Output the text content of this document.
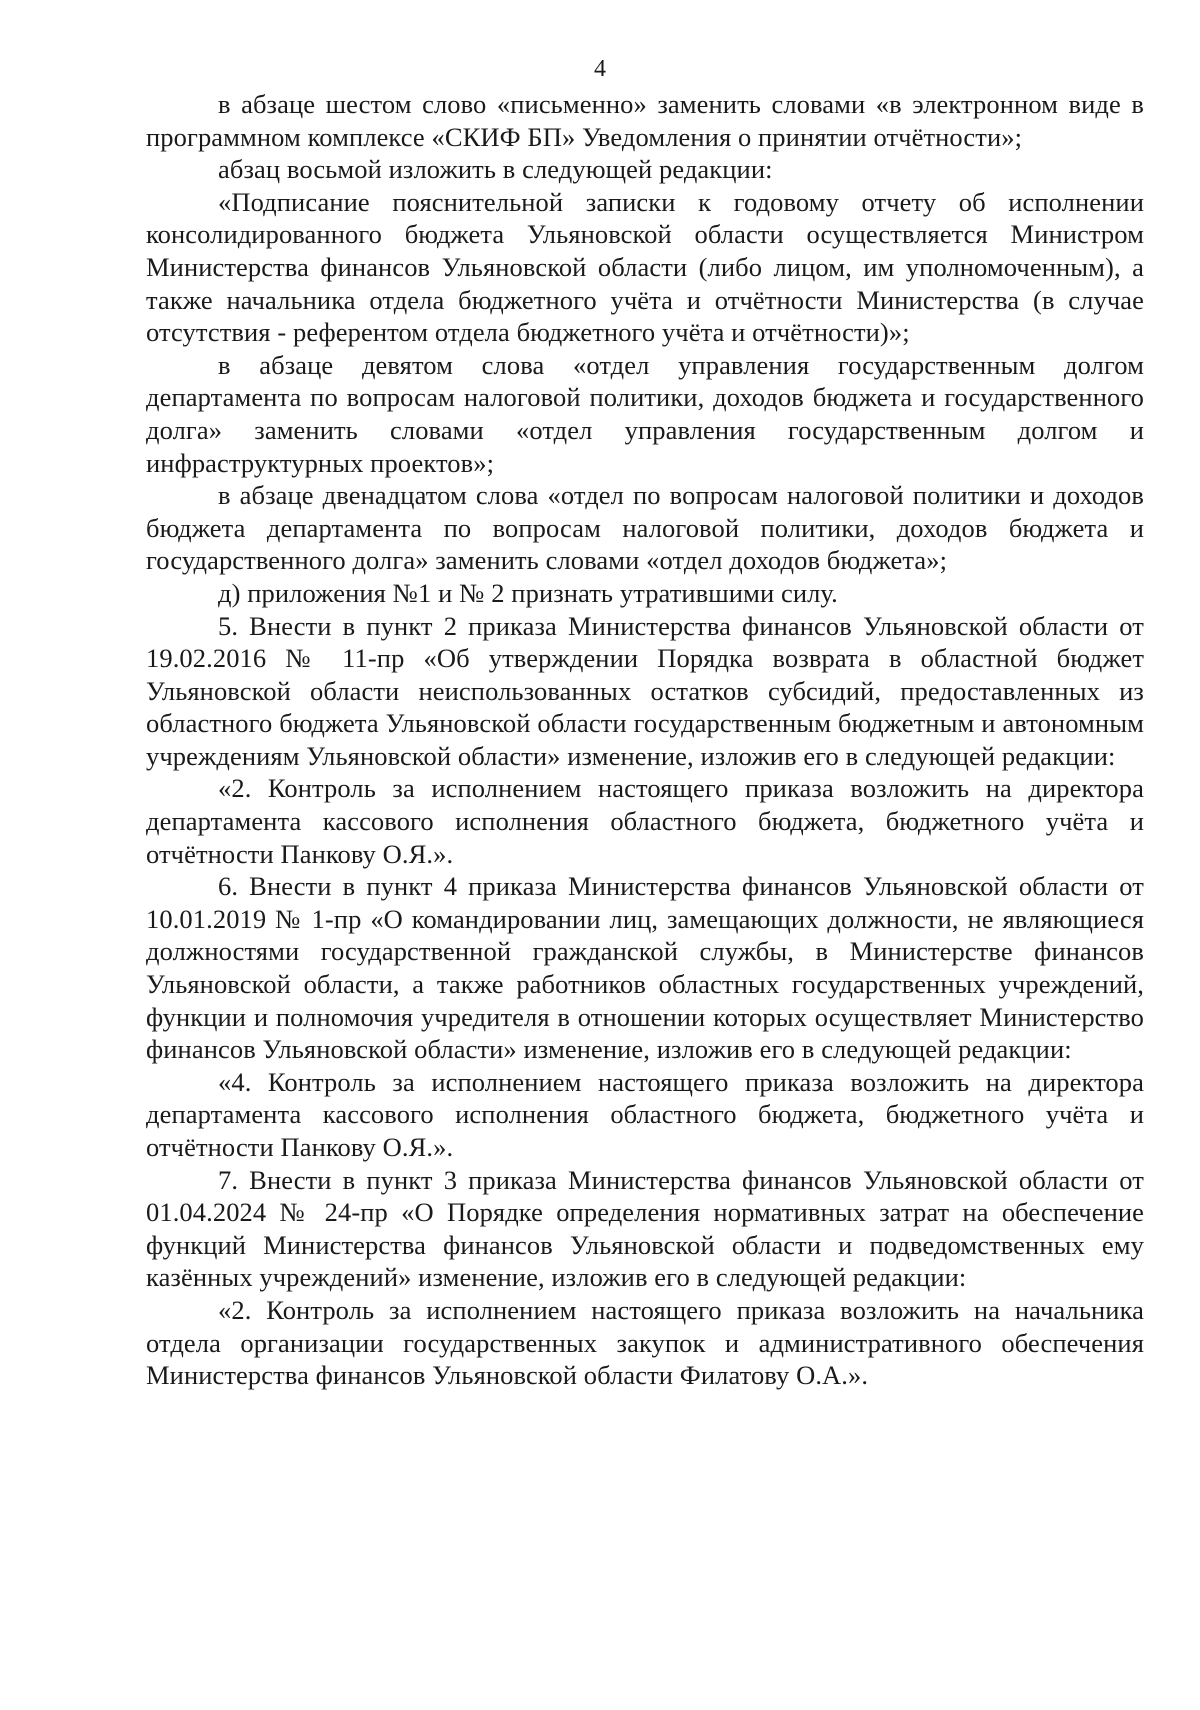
4

в абзаце шестом слово «письменно» заменить словами «в электронном виде в программном комплексе «СКИФ БП» Уведомления о принятии отчётности»;

абзац восьмой изложить в следующей редакции:

«Подписание пояснительной записки к годовому отчету об исполнении консолидированного бюджета Ульяновской области осуществляется Министром Министерства финансов Ульяновской области (либо лицом, им уполномоченным), а также начальника отдела бюджетного учёта и отчётности Министерства (в случае отсутствия - референтом отдела бюджетного учёта и отчётности)»;

в абзаце девятом слова «отдел управления государственным долгом департамента по вопросам налоговой политики, доходов бюджета и государственного долга» заменить словами «отдел управления государственным долгом и инфраструктурных проектов»;

в абзаце двенадцатом слова «отдел по вопросам налоговой политики и доходов бюджета департамента по вопросам налоговой политики, доходов бюджета и государственного долга» заменить словами «отдел доходов бюджета»;

д) приложения №1 и № 2 признать утратившими силу.

5. Внести в пункт 2 приказа Министерства финансов Ульяновской области от 19.02.2016 № 11-пр «Об утверждении Порядка возврата в областной бюджет Ульяновской области неиспользованных остатков субсидий, предоставленных из областного бюджета Ульяновской области государственным бюджетным и автономным учреждениям Ульяновской области» изменение, изложив его в следующей редакции:

«2. Контроль за исполнением настоящего приказа возложить на директора департамента кассового исполнения областного бюджета, бюджетного учёта и отчётности Панкову О.Я.».

6. Внести в пункт 4 приказа Министерства финансов Ульяновской области от 10.01.2019 № 1-пр «О командировании лиц, замещающих должности, не являющиеся должностями государственной гражданской службы, в Министерстве финансов Ульяновской области, а также работников областных государственных учреждений, функции и полномочия учредителя в отношении которых осуществляет Министерство финансов Ульяновской области» изменение, изложив его в следующей редакции:

«4. Контроль за исполнением настоящего приказа возложить на директора департамента кассового исполнения областного бюджета, бюджетного учёта и отчётности Панкову О.Я.».

7. Внести в пункт 3 приказа Министерства финансов Ульяновской области от 01.04.2024 № 24-пр «О Порядке определения нормативных затрат на обеспечение функций Министерства финансов Ульяновской области и подведомственных ему казённых учреждений» изменение, изложив его в следующей редакции:

«2. Контроль за исполнением настоящего приказа возложить на начальника отдела организации государственных закупок и административного обеспечения Министерства финансов Ульяновской области Филатову О.А.».
